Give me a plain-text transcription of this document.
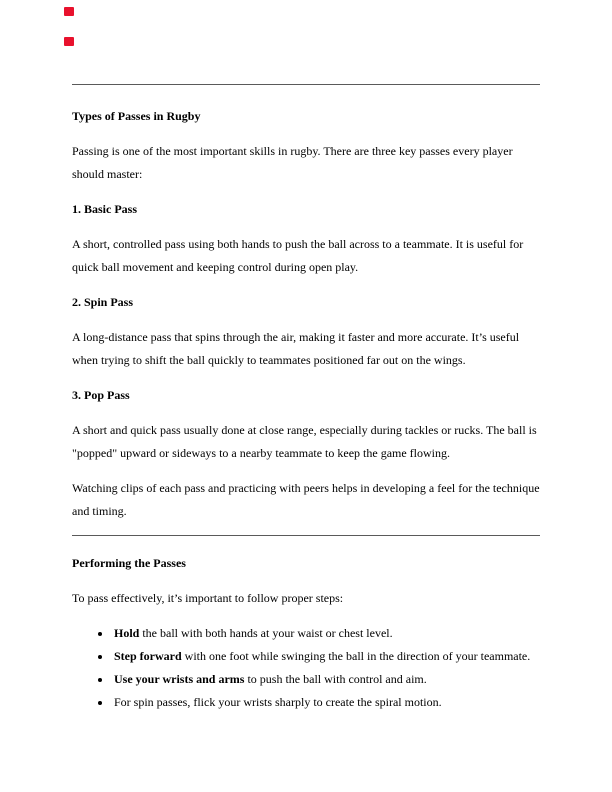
Types of Passes in Rugby

Passing is one of the most important skills in rugby. There are three key passes every player should master:

1. Basic Pass

A short, controlled pass using both hands to push the ball across to a teammate. It is useful for quick ball movement and keeping control during open play.

2. Spin Pass

A long-distance pass that spins through the air, making it faster and more accurate. It’s useful when trying to shift the ball quickly to teammates positioned far out on the wings.

3. Pop Pass

A short and quick pass usually done at close range, especially during tackles or rucks. The ball is "popped" upward or sideways to a nearby teammate to keep the game flowing.

Watching clips of each pass and practicing with peers helps in developing a feel for the technique and timing.

Performing the Passes

To pass effectively, it’s important to follow proper steps:

• Hold the ball with both hands at your waist or chest level.
• Step forward with one foot while swinging the ball in the direction of your teammate.
• Use your wrists and arms to push the ball with control and aim.
• For spin passes, flick your wrists sharply to create the spiral motion.
